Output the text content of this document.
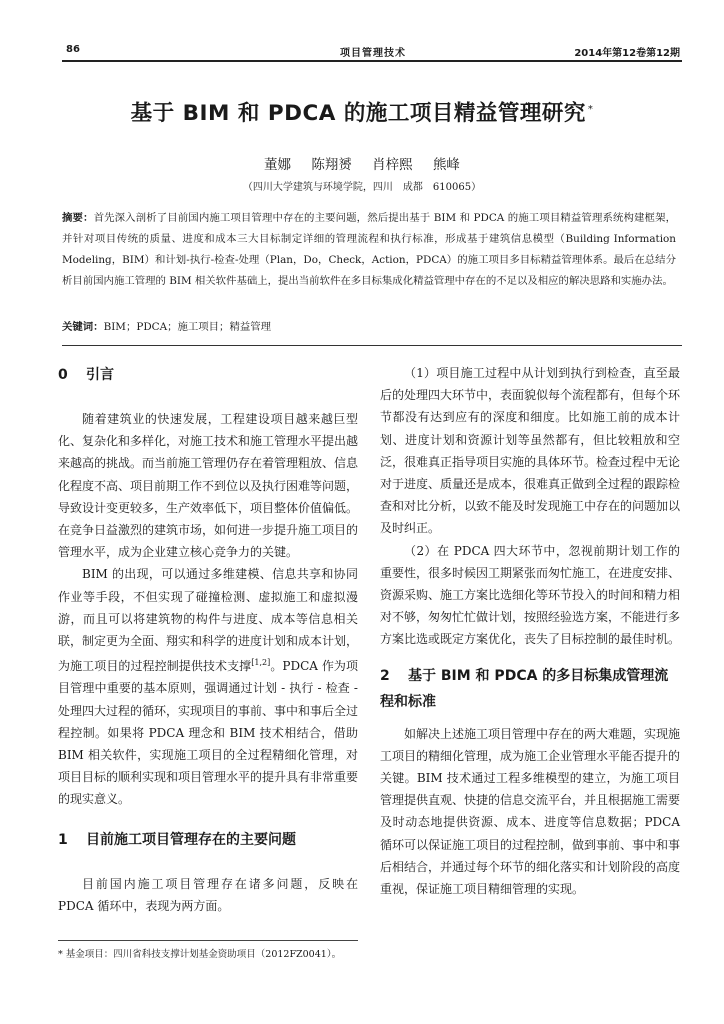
86	项目管理技术	2014年第12卷第12期
基于 BIM 和 PDCA 的施工项目精益管理研究 *
董娜 陈翔赟 肖梓熙 熊峰
（四川大学建筑与环境学院，四川　成都　610065）

摘要：首先深入剖析了目前国内施工项目管理中存在的主要问题，然后提出基于 BIM 和 PDCA 的施工项目精益管理系统构建框架，并针对项目传统的质量、进度和成本三大目标制定详细的管理流程和执行标准，形成基于建筑信息模型（Building Information Modeling，BIM）和计划-执行-检查-处理（Plan，Do，Check，Action，PDCA）的施工项目多目标精益管理体系。最后在总结分析目前国内施工管理的 BIM 相关软件基础上，提出当前软件在多目标集成化精益管理中存在的不足以及相应的解决思路和实施办法。

关键词：BIM；PDCA；施工项目；精益管理

0 引言

随着建筑业的快速发展，工程建设项目越来越巨型化、复杂化和多样化，对施工技术和施工管理水平提出越来越高的挑战。而当前施工管理仍存在着管理粗放、信息化程度不高、项目前期工作不到位以及执行困难等问题，导致设计变更较多，生产效率低下，项目整体价值偏低。在竞争日益激烈的建筑市场，如何进一步提升施工项目的管理水平，成为企业建立核心竞争力的关键。

BIM 的出现，可以通过多维建模、信息共享和协同作业等手段，不但实现了碰撞检测、虚拟施工和虚拟漫游，而且可以将建筑物的构件与进度、成本等信息相关联，制定更为全面、翔实和科学的进度计划和成本计划，为施工项目的过程控制提供技术支撑[1,2]。PDCA 作为项目管理中重要的基本原则，强调通过计划 - 执行 - 检查 - 处理四大过程的循环，实现项目的事前、事中和事后全过程控制。如果将 PDCA 理念和 BIM 技术相结合，借助 BIM 相关软件，实现施工项目的全过程精细化管理，对项目目标的顺利实现和项目管理水平的提升具有非常重要的现实意义。

1 目前施工项目管理存在的主要问题

目前国内施工项目管理存在诸多问题，反映在 PDCA 循环中，表现为两方面。

（1）项目施工过程中从计划到执行到检查，直至最后的处理四大环节中，表面貌似每个流程都有，但每个环节都没有达到应有的深度和细度。比如施工前的成本计划、进度计划和资源计划等虽然都有，但比较粗放和空泛，很难真正指导项目实施的具体环节。检查过程中无论对于进度、质量还是成本，很难真正做到全过程的跟踪检查和对比分析，以致不能及时发现施工中存在的问题加以及时纠正。

（2）在 PDCA 四大环节中，忽视前期计划工作的重要性，很多时候因工期紧张而匆忙施工，在进度安排、资源采购、施工方案比选细化等环节投入的时间和精力相对不够，匆匆忙忙做计划，按照经验选方案，不能进行多方案比选或既定方案优化，丧失了目标控制的最佳时机。

2 基于 BIM 和 PDCA 的多目标集成管理流程和标准

如解决上述施工项目管理中存在的两大难题，实现施工项目的精细化管理，成为施工企业管理水平能否提升的关键。BIM 技术通过工程多维模型的建立，为施工项目管理提供直观、快捷的信息交流平台，并且根据施工需要及时动态地提供资源、成本、进度等信息数据；PDCA 循环可以保证施工项目的过程控制，做到事前、事中和事后相结合，并通过每个环节的细化落实和计划阶段的高度重视，保证施工项目精细管理的实现。

* 基金项目：四川省科技支撑计划基金资助项目（2012FZ0041）。
